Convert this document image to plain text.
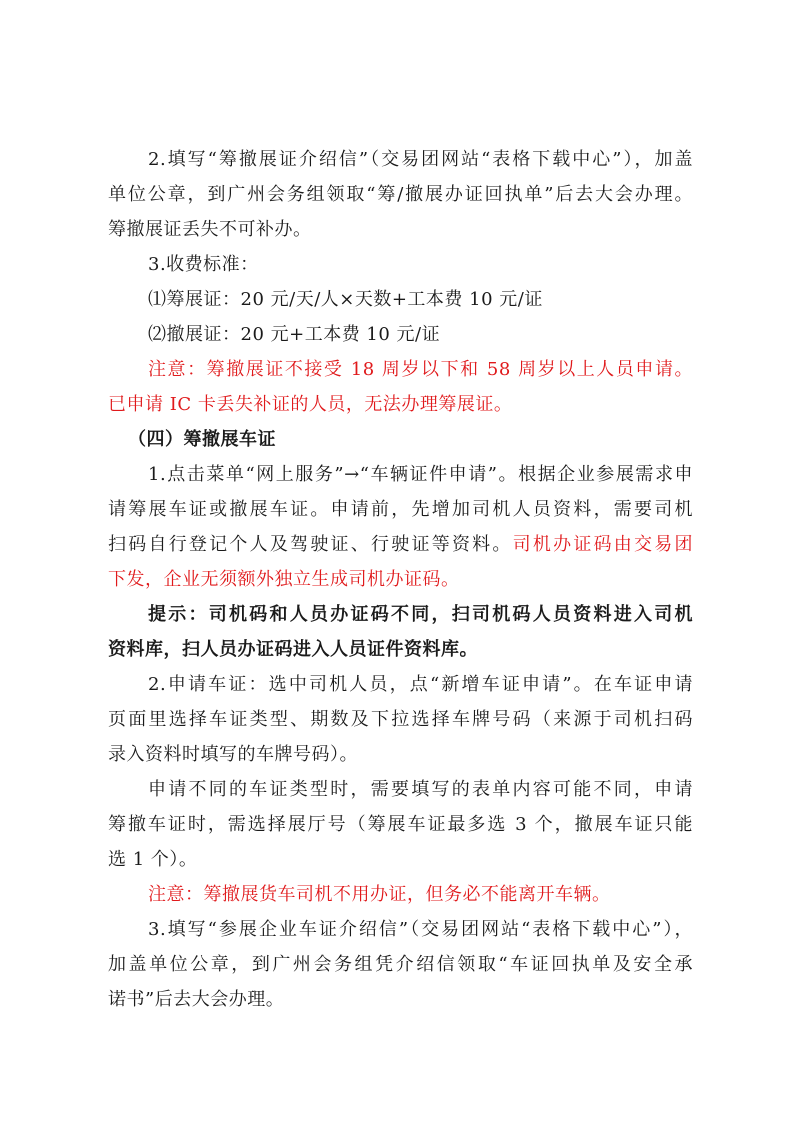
2.填写“筹撤展证介绍信”（交易团网站“表格下载中心”），加盖
单位公章，到广州会务组领取“筹/撤展办证回执单”后去大会办理。
筹撤展证丢失不可补办。
3.收费标准：
⑴筹展证：20 元/天/人×天数+工本费 10 元/证
⑵撤展证：20 元+工本费 10 元/证
注意：筹撤展证不接受 18 周岁以下和 58 周岁以上人员申请。
已申请 IC 卡丢失补证的人员，无法办理筹展证。
（四）筹撤展车证
1.点击菜单“网上服务”→“车辆证件申请”。根据企业参展需求申
请筹展车证或撤展车证。申请前，先增加司机人员资料，需要司机
扫码自行登记个人及驾驶证、行驶证等资料。司机办证码由交易团
下发，企业无须额外独立生成司机办证码。
提示：司机码和人员办证码不同，扫司机码人员资料进入司机
资料库，扫人员办证码进入人员证件资料库。
2.申请车证：选中司机人员，点“新增车证申请”。在车证申请
页面里选择车证类型、期数及下拉选择车牌号码（来源于司机扫码
录入资料时填写的车牌号码）。
申请不同的车证类型时，需要填写的表单内容可能不同，申请
筹撤车证时，需选择展厅号（筹展车证最多选 3 个，撤展车证只能
选 1 个）。
注意：筹撤展货车司机不用办证，但务必不能离开车辆。
3.填写“参展企业车证介绍信”（交易团网站“表格下载中心”），
加盖单位公章，到广州会务组凭介绍信领取“车证回执单及安全承
诺书”后去大会办理。
